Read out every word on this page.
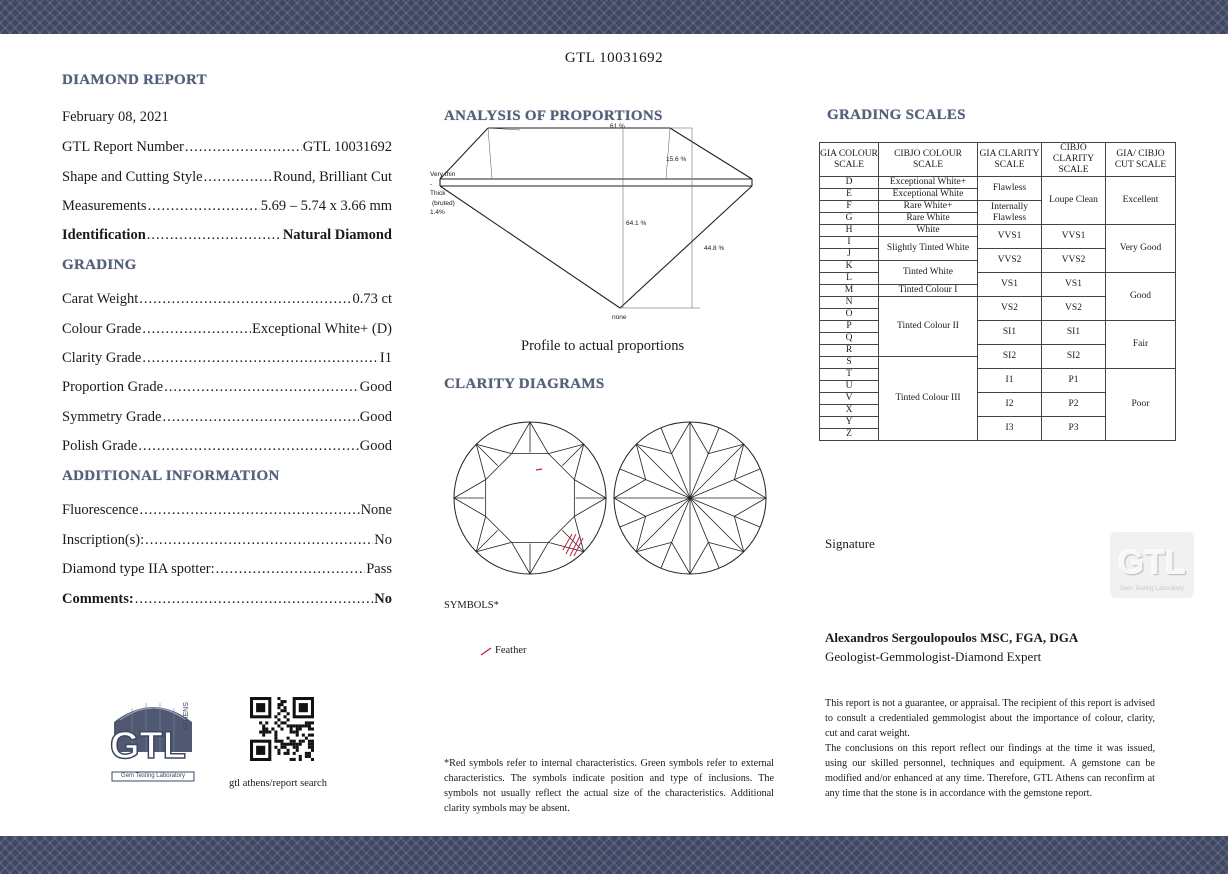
GTL 10031692
DIAMOND REPORT
February 08, 2021
GTL Report Number .....	GTL 10031692
Shape and Cutting Style .....	Round, Brilliant Cut
Measurements .....	5.69 – 5.74 x 3.66 mm
Identification .....	Natural Diamond
GRADING
Carat Weight .....	0.73 ct
Colour Grade .....	Exceptional White+ (D)
Clarity Grade .....	I1
Proportion Grade .....	Good
Symmetry Grade .....	Good
Polish Grade .....	Good
ADDITIONAL INFORMATION
Fluorescence .....	None
Inscription(s): .....	No
Diamond type IIA spotter: .....	Pass
Comments: .....	No
GTL
ATHENS
Gem Testing Laboratory
gtl athens/report search
ANALYSIS OF PROPORTIONS
61 %
15.6 %
64.1 %
44.8 %
none
Very thin
-
Thick
(bruted)
1.4%
Profile to actual proportions
CLARITY DIAGRAMS
SYMBOLS*
Feather
*Red symbols refer to internal characteristics. Green symbols refer to external characteristics. The symbols indicate position and type of inclusions. The symbols not usually reflect the actual size of the characteristics. Additional clarity symbols may be absent.
GRADING SCALES
GIA COLOUR SCALE	CIBJO COLOUR SCALE	GIA CLARITY SCALE	CIBJO CLARITY SCALE	GIA/ CIBJO CUT SCALE
D	Exceptional White+	Flawless	Loupe Clean	Excellent
E	Exceptional White			
F	Rare White+	Internally Flawless		
G	Rare White			
H	White	VVS1	VVS1	Very Good
I	Slightly Tinted White			
J		VVS2	VVS2	
K	Tinted White			
L		VS1	VS1	Good
M	Tinted Colour I			
N	Tinted Colour II	VS2	VS2	
O				
P		SI1	SI1	Fair
Q				
R		SI2	SI2	
S	Tinted Colour III			
T		I1	P1	Poor
U				
V		I2	P2	
X				
Y		I3	P3	
Z				
Signature
GTL
Gem Testing Laboratory
Alexandros Sergoulopoulos MSC, FGA, DGA
Geologist-Gemmologist-Diamond Expert
This report is not a guarantee, or appraisal. The recipient of this report is advised to consult a credentialed gemmologist about the importance of colour, clarity, cut and carat weight.
The conclusions on this report reflect our findings at the time it was issued, using our skilled personnel, techniques and equipment. A gemstone can be modified and/or enhanced at any time. Therefore, GTL Athens can reconfirm at any time that the stone is in accordance with the gemstone report.
